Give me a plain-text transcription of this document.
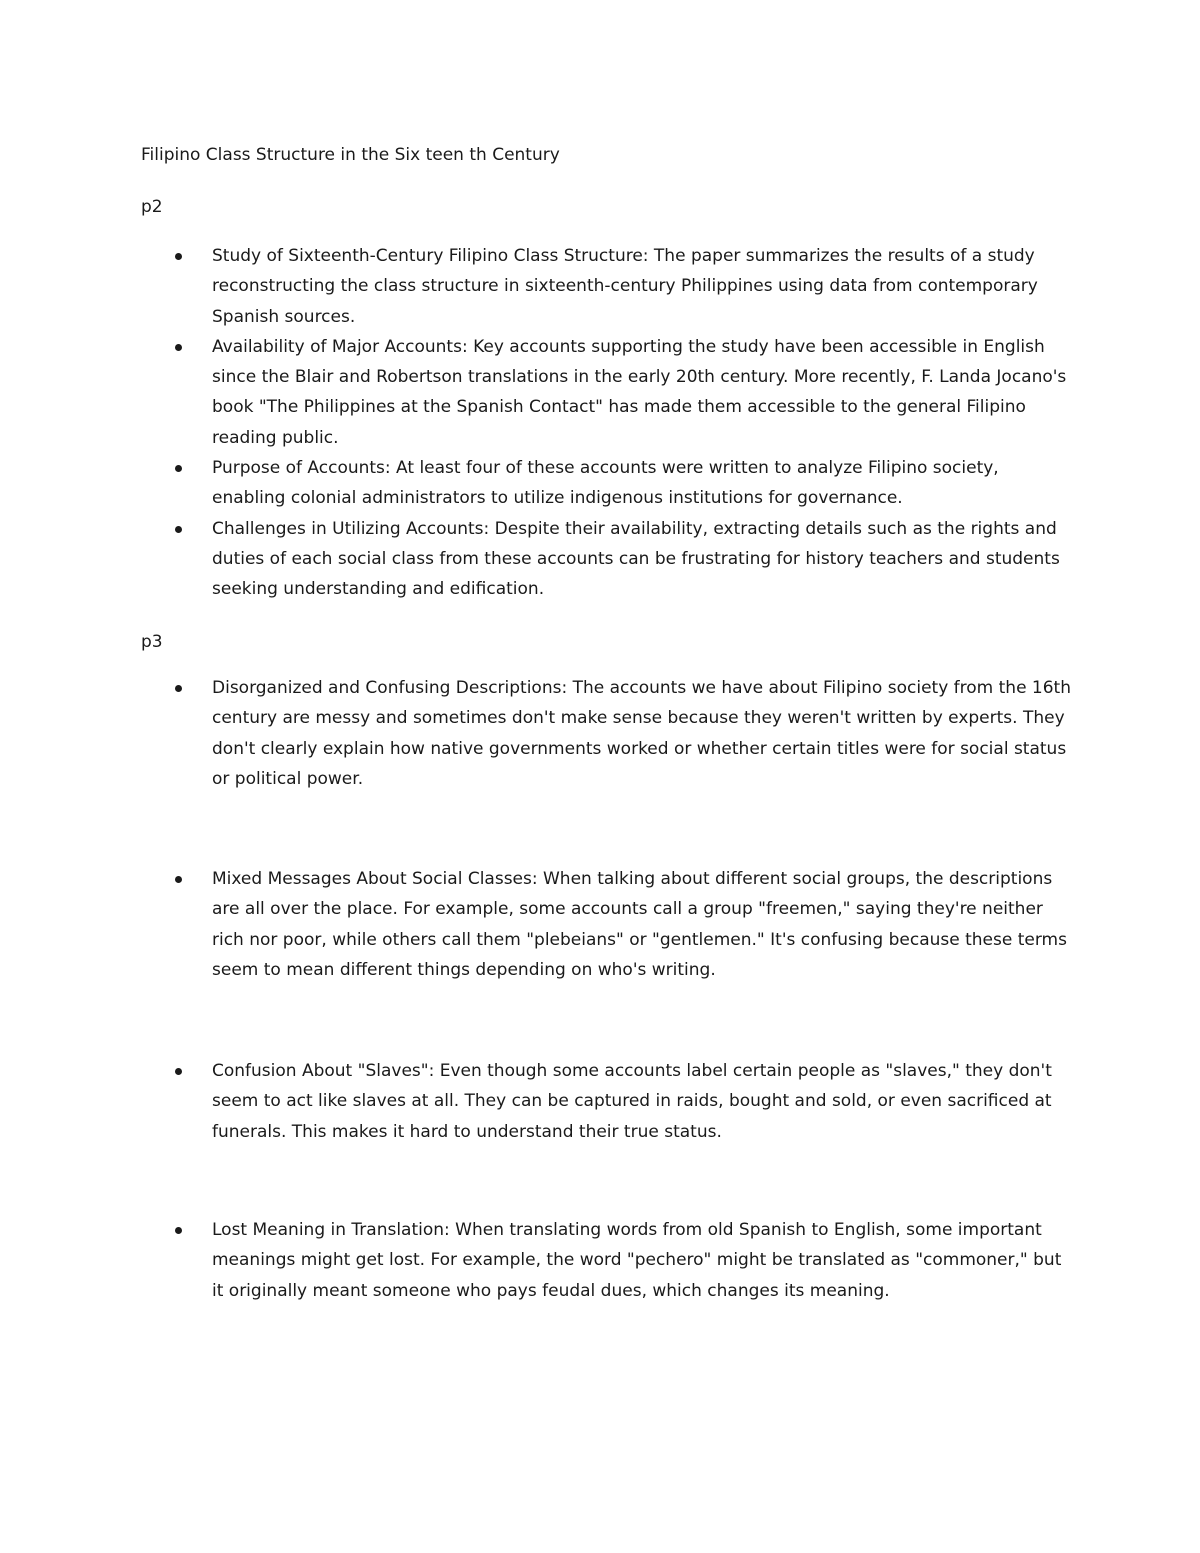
Filipino Class Structure in the Six teen th Century

p2

Study of Sixteenth-Century Filipino Class Structure: The paper summarizes the results of a study reconstructing the class structure in sixteenth-century Philippines using data from contemporary Spanish sources.
Availability of Major Accounts: Key accounts supporting the study have been accessible in English since the Blair and Robertson translations in the early 20th century. More recently, F. Landa Jocano's book "The Philippines at the Spanish Contact" has made them accessible to the general Filipino reading public.
Purpose of Accounts: At least four of these accounts were written to analyze Filipino society, enabling colonial administrators to utilize indigenous institutions for governance.
Challenges in Utilizing Accounts: Despite their availability, extracting details such as the rights and duties of each social class from these accounts can be frustrating for history teachers and students seeking understanding and edification.

p3

Disorganized and Confusing Descriptions: The accounts we have about Filipino society from the 16th century are messy and sometimes don't make sense because they weren't written by experts. They don't clearly explain how native governments worked or whether certain titles were for social status or political power.
Mixed Messages About Social Classes: When talking about different social groups, the descriptions are all over the place. For example, some accounts call a group "freemen," saying they're neither rich nor poor, while others call them "plebeians" or "gentlemen." It's confusing because these terms seem to mean different things depending on who's writing.
Confusion About "Slaves": Even though some accounts label certain people as "slaves," they don't seem to act like slaves at all. They can be captured in raids, bought and sold, or even sacrificed at funerals. This makes it hard to understand their true status.
Lost Meaning in Translation: When translating words from old Spanish to English, some important meanings might get lost. For example, the word "pechero" might be translated as "commoner," but it originally meant someone who pays feudal dues, which changes its meaning.
